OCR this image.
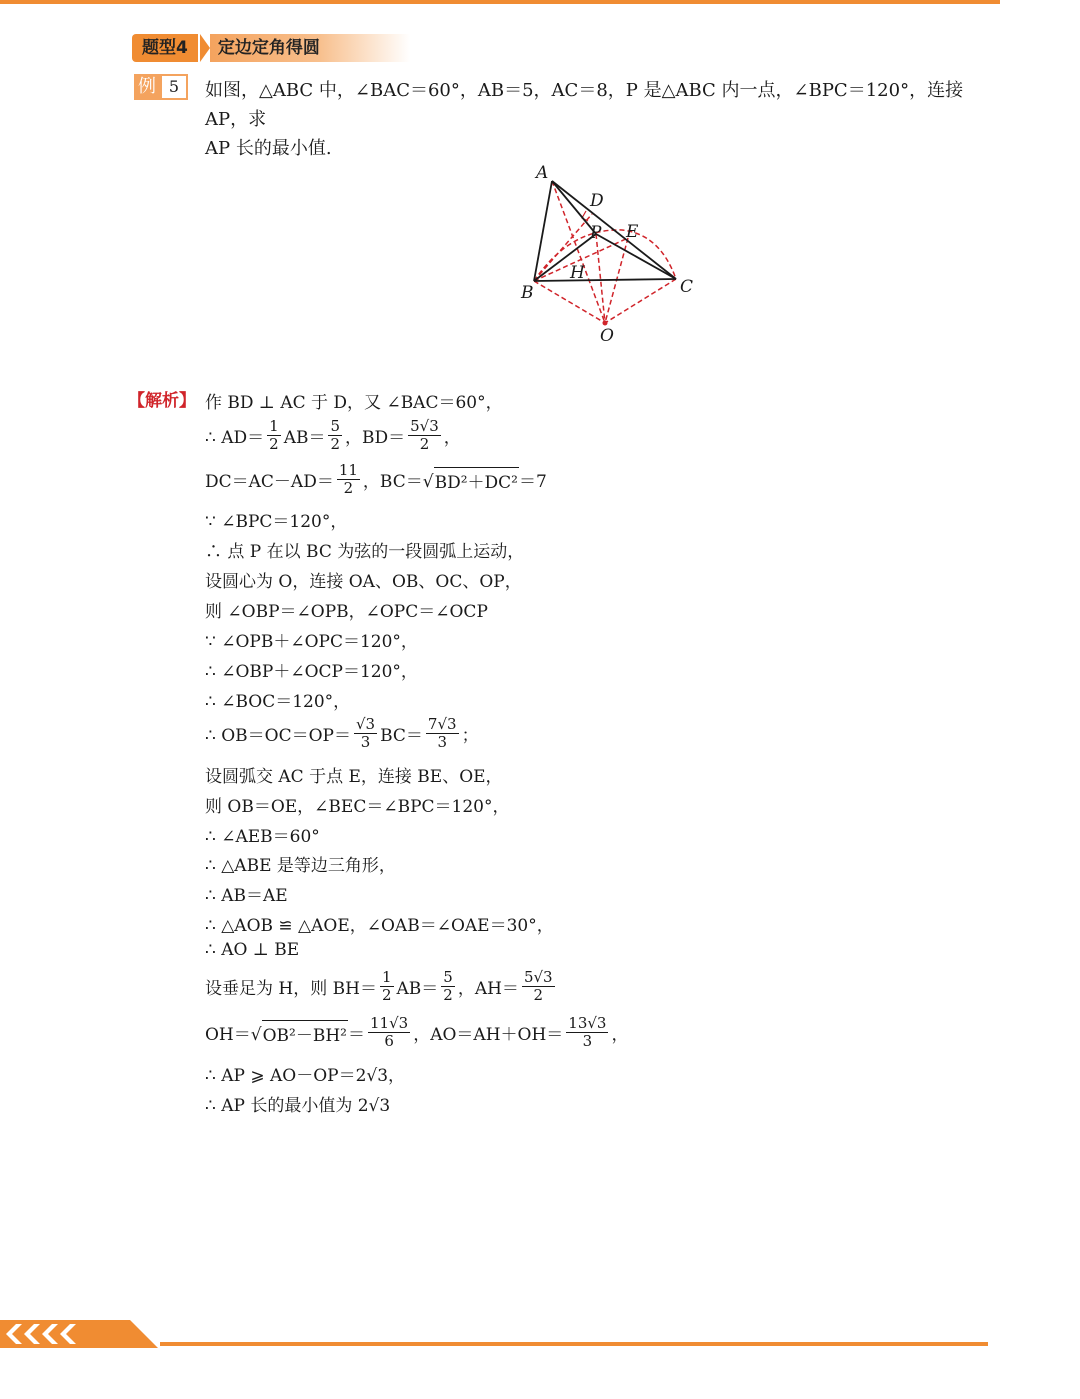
题型4	定边定角得圆
例 5	如图，△ABC 中，∠BAC＝60°，AB＝5，AC＝8，P 是△ABC 内一点，∠BPC＝120°，连接 AP，求
AP 长的最小值.
A
D
P E
H
B	C
O
【解析】 作 BD ⊥ AC 于 D，又 ∠BAC＝60°，
∴ $AD= \frac{1}{2} AB= \frac{5}{2}$ ，$BD= \frac{5√3}{2}$ ，
$DC=AC-AD= \frac{11}{2}$ ，BC＝√ BD²＋DC² ＝7
∵ ∠BPC＝120°，
∴ 点 P 在以 BC 为弦的一段圆弧上运动，
设圆心为 O，连接 OA、OB、OC、OP，
则 ∠OBP＝∠OPB，∠OPC＝∠OCP
∵ ∠OPB＋∠OPC＝120°，
∴ ∠OBP＋∠OCP＝120°，
∴ ∠BOC＝120°，
∴ $OB=OC=OP= \frac{√3}{3} BC= \frac{7√3}{3}$ ；
设圆弧交 AC 于点 E，连接 BE、OE，
则 OB＝OE，∠BEC＝∠BPC＝120°，
∴ ∠AEB＝60°
∴ △ABE 是等边三角形，
∴ AB＝AE
∴ △AOB ≌ △AOE，∠OAB＝∠OAE＝30°，
∴ AO ⊥ BE
设垂足为 H，则 $BH= \frac{1}{2} AB= \frac{5}{2}$ ，$AH= \frac{5√3}{2}$
OH＝√ $OB^2-BH^2 = \frac{11√3}{6}$ ，$AO=AH+OH= \frac{13√3}{3}$ ，
∴ AP ⩾ AO－OP＝2√3，
∴ AP 长的最小值为 2√3
